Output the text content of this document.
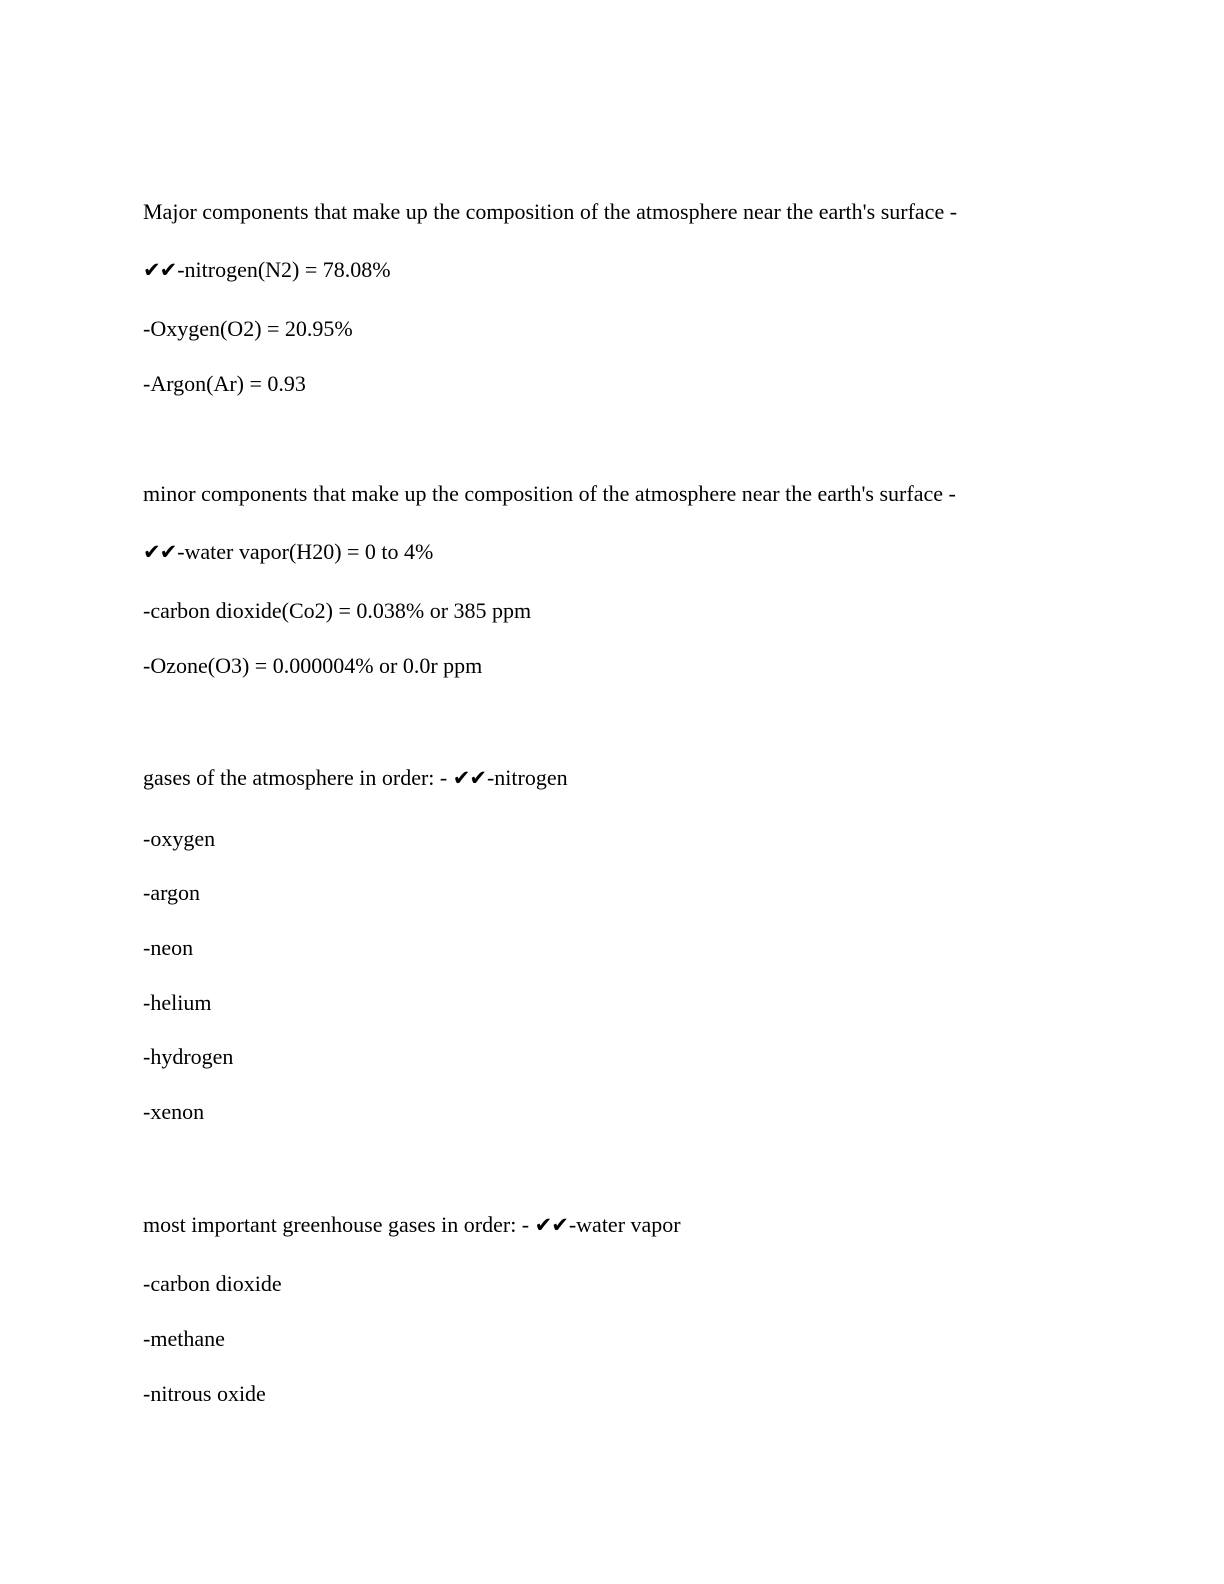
Major components that make up the composition of the atmosphere near the earth's surface -
✔✔-nitrogen(N2) = 78.08%
-Oxygen(O2) = 20.95%
-Argon(Ar) = 0.93
minor components that make up the composition of the atmosphere near the earth's surface -
✔✔-water vapor(H20) = 0 to 4%
-carbon dioxide(Co2) = 0.038% or 385 ppm
-Ozone(O3) = 0.000004% or 0.0r ppm
gases of the atmosphere in order: - ✔✔-nitrogen
-oxygen
-argon
-neon
-helium
-hydrogen
-xenon
most important greenhouse gases in order: - ✔✔-water vapor
-carbon dioxide
-methane
-nitrous oxide
